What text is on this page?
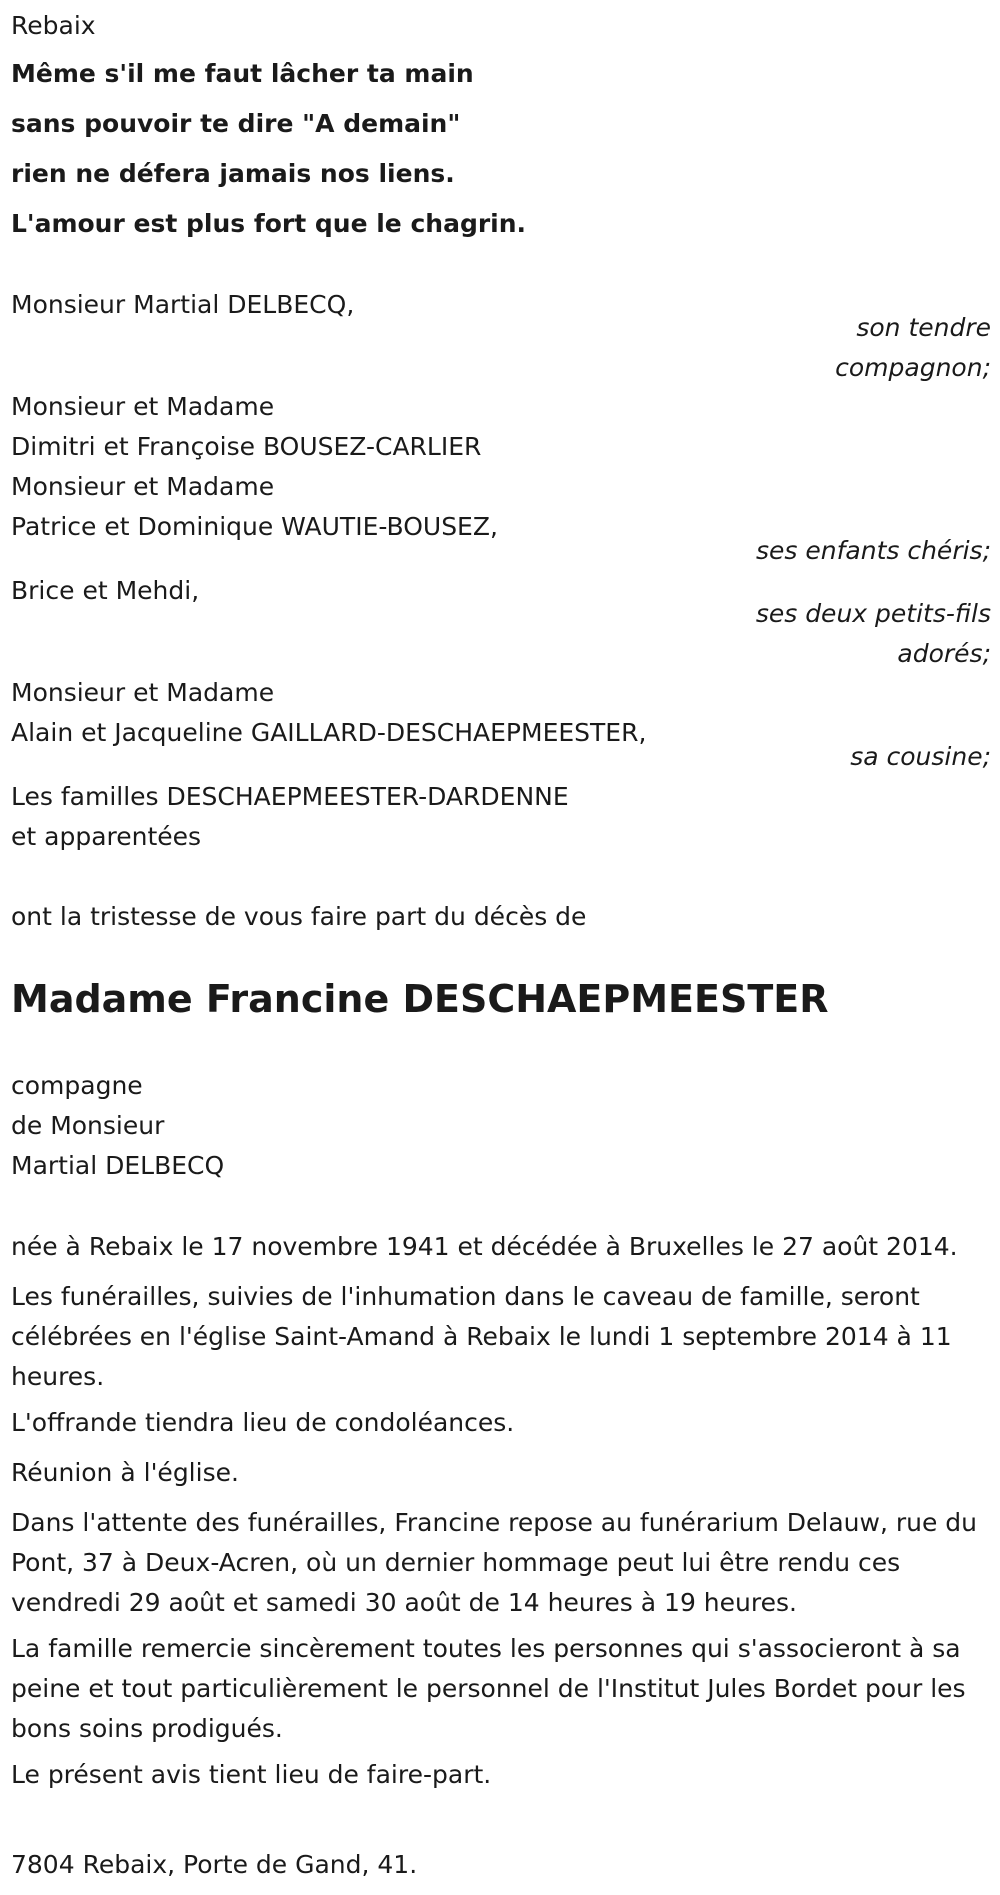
Rebaix

Même s'il me faut lâcher ta main

sans pouvoir te dire "A demain"

rien ne défera jamais nos liens.

L'amour est plus fort que le chagrin.

Monsieur Martial DELBECQ,

son tendre
compagnon;

Monsieur et Madame

Dimitri et Françoise BOUSEZ-CARLIER

Monsieur et Madame

Patrice et Dominique WAUTIE-BOUSEZ,

ses enfants chéris;

Brice et Mehdi,

ses deux petits-fils
adorés;

Monsieur et Madame

Alain et Jacqueline GAILLARD-DESCHAEPMEESTER,

sa cousine;

Les familles DESCHAEPMEESTER-DARDENNE

et apparentées

ont la tristesse de vous faire part du décès de

Madame Francine DESCHAEPMEESTER

compagne

de Monsieur

Martial DELBECQ

née à Rebaix le 17 novembre 1941 et décédée à Bruxelles le 27 août 2014.

Les funérailles, suivies de l'inhumation dans le caveau de famille, seront célébrées en l'église Saint-Amand à Rebaix le lundi 1 septembre 2014 à 11 heures.

L'offrande tiendra lieu de condoléances.

Réunion à l'église.

Dans l'attente des funérailles, Francine repose au funérarium Delauw, rue du Pont, 37 à Deux-Acren, où un dernier hommage peut lui être rendu ces vendredi 29 août et samedi 30 août de 14 heures à 19 heures.

La famille remercie sincèrement toutes les personnes qui s'associeront à sa peine et tout particulièrement le personnel de l'Institut Jules Bordet pour les bons soins prodigués.

Le présent avis tient lieu de faire-part.

7804 Rebaix, Porte de Gand, 41.
